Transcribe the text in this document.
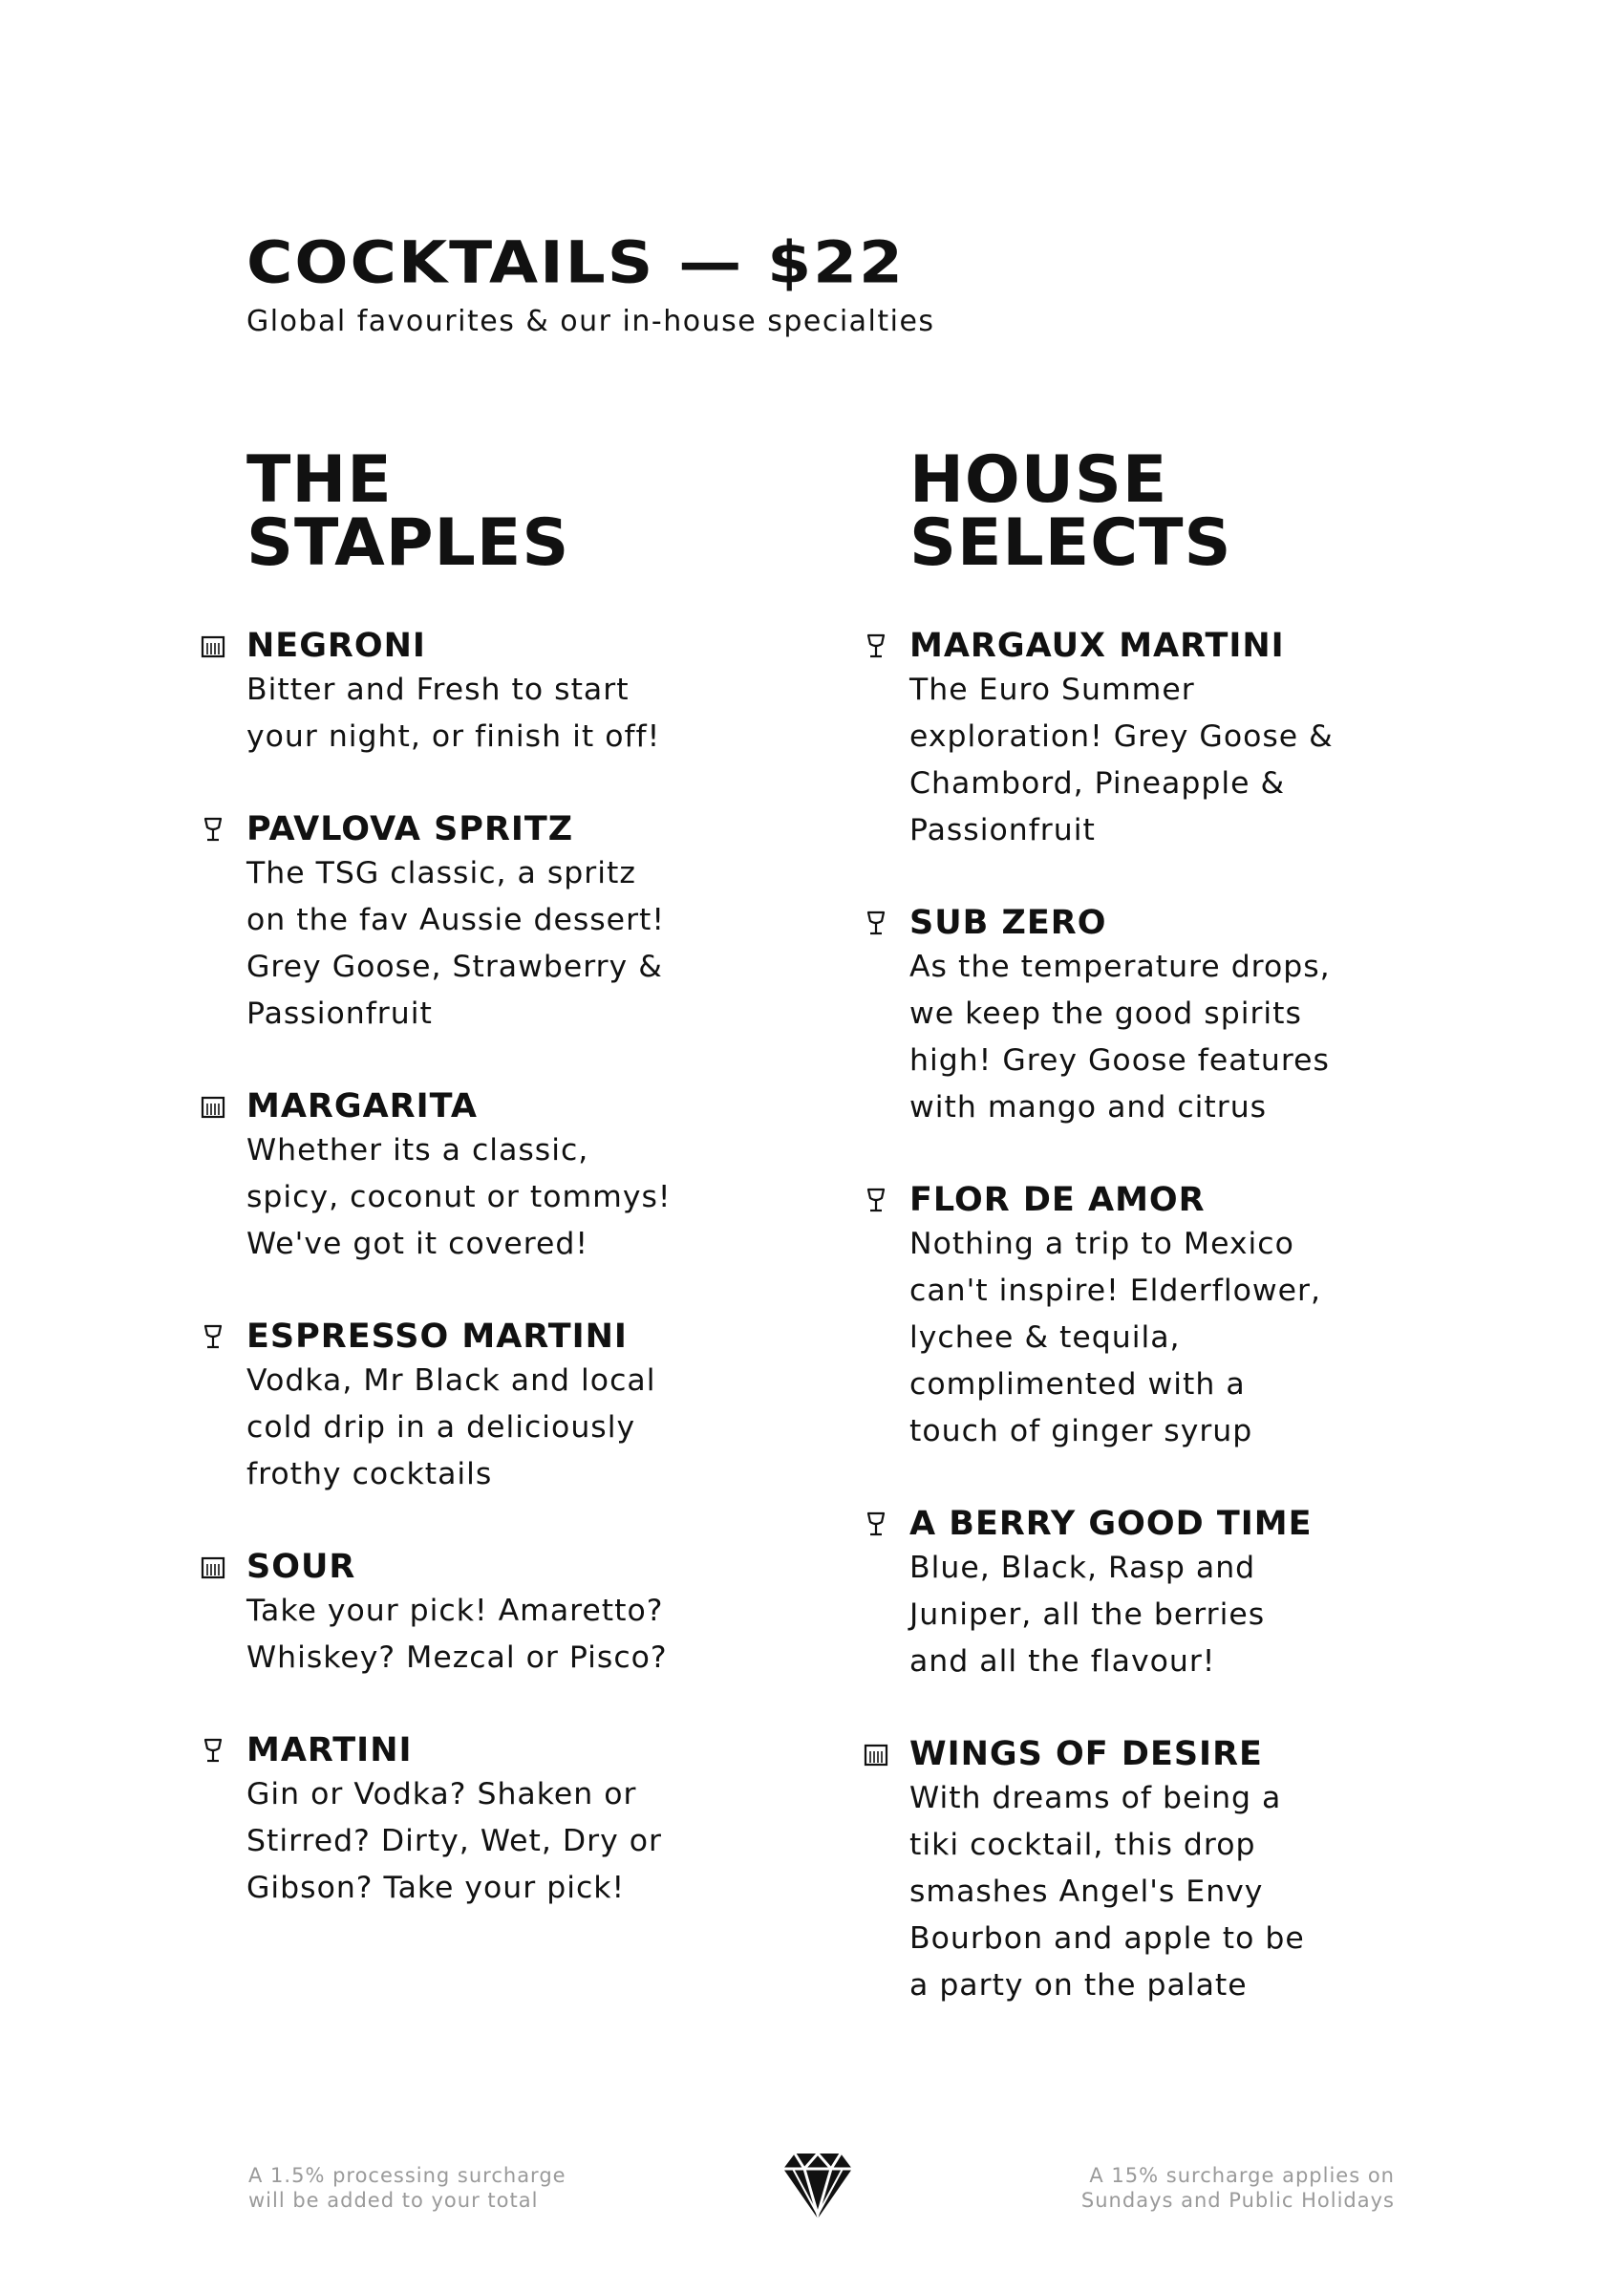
COCKTAILS — $22
Global favourites & our in-house specialties
THE
STAPLES
NEGRONI
Bitter and Fresh to start
your night, or finish it off!
PAVLOVA SPRITZ
The TSG classic, a spritz
on the fav Aussie dessert!
Grey Goose, Strawberry &
Passionfruit
MARGARITA
Whether its a classic,
spicy, coconut or tommys!
We've got it covered!
ESPRESSO MARTINI
Vodka, Mr Black and local
cold drip in a deliciously
frothy cocktails
SOUR
Take your pick! Amaretto?
Whiskey? Mezcal or Pisco?
MARTINI
Gin or Vodka? Shaken or
Stirred? Dirty, Wet, Dry or
Gibson? Take your pick!
HOUSE
SELECTS
MARGAUX MARTINI
The Euro Summer
exploration! Grey Goose &
Chambord, Pineapple &
Passionfruit
SUB ZERO
As the temperature drops,
we keep the good spirits
high! Grey Goose features
with mango and citrus
FLOR DE AMOR
Nothing a trip to Mexico
can't inspire! Elderflower,
lychee & tequila,
complimented with a
touch of ginger syrup
A BERRY GOOD TIME
Blue, Black, Rasp and
Juniper, all the berries
and all the flavour!
WINGS OF DESIRE
With dreams of being a
tiki cocktail, this drop
smashes Angel's Envy
Bourbon and apple to be
a party on the palate
A 1.5% processing surcharge
will be added to your total
A 15% surcharge applies on
Sundays and Public Holidays
